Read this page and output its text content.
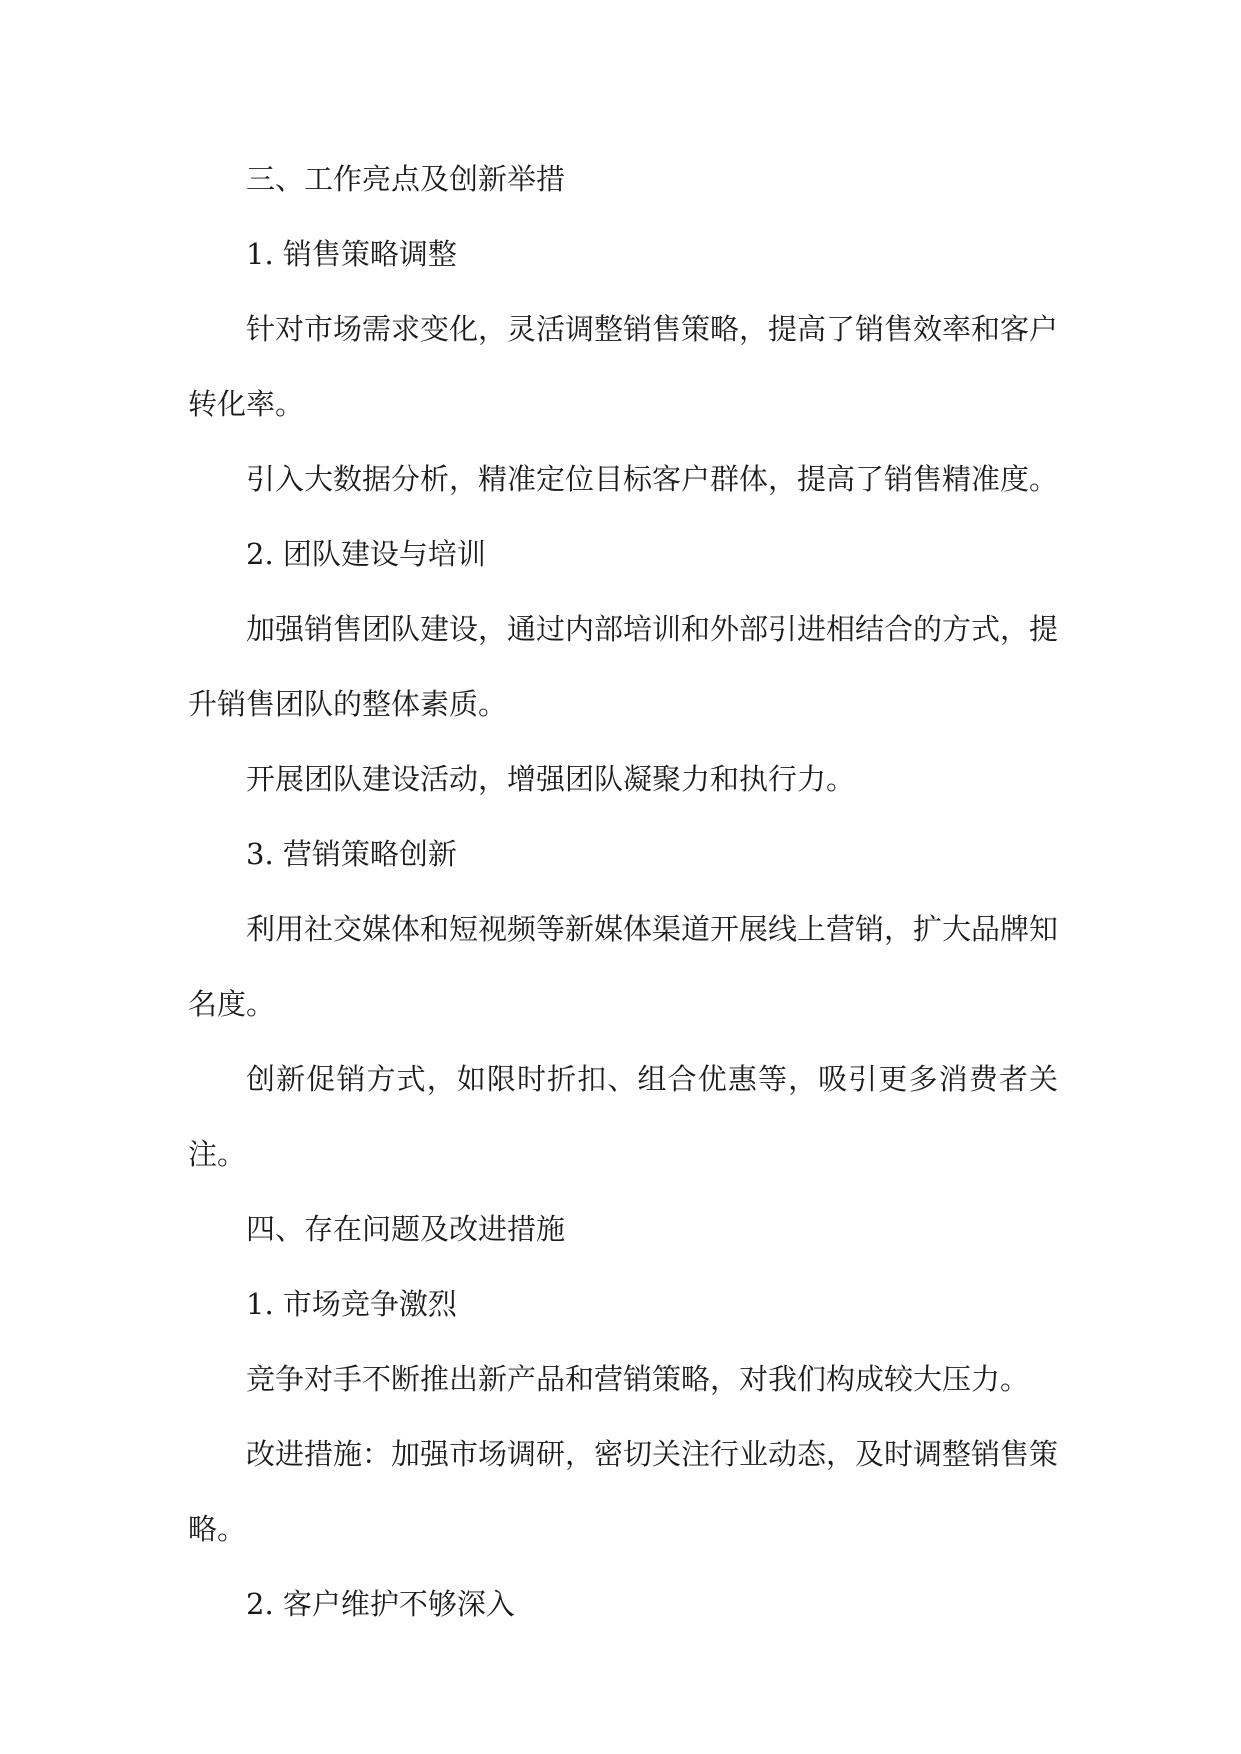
三、工作亮点及创新举措

1. 销售策略调整

针对市场需求变化，灵活调整销售策略，提高了销售效率和客户转化率。

引入大数据分析，精准定位目标客户群体，提高了销售精准度。

2. 团队建设与培训

加强销售团队建设，通过内部培训和外部引进相结合的方式，提升销售团队的整体素质。

开展团队建设活动，增强团队凝聚力和执行力。

3. 营销策略创新

利用社交媒体和短视频等新媒体渠道开展线上营销，扩大品牌知名度。

创新促销方式，如限时折扣、组合优惠等，吸引更多消费者关注。

四、存在问题及改进措施

1. 市场竞争激烈

竞争对手不断推出新产品和营销策略，对我们构成较大压力。

改进措施：加强市场调研，密切关注行业动态，及时调整销售策略。

2. 客户维护不够深入
